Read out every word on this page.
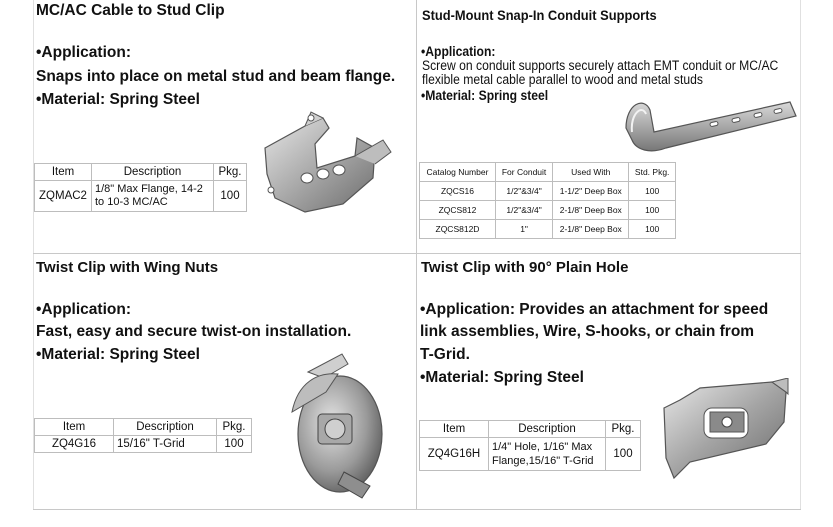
MC/AC Cable to Stud Clip
•Application:
Snaps into place on metal stud and beam flange.
•Material: Spring Steel
Item	Description	Pkg.
ZQMAC2	1/8" Max Flange, 14-2 to 10-3 MC/AC	100
Stud-Mount Snap-In Conduit Supports
•Application:
Screw on conduit supports securely attach EMT conduit or MC/AC
flexible metal cable parallel to wood and metal studs
•Material: Spring steel
Catalog Number	For Conduit	Used With	Std. Pkg.
ZQCS16	1/2"&3/4"	1-1/2" Deep Box	100
ZQCS812	1/2"&3/4"	2-1/8" Deep Box	100
ZQCS812D	1"	2-1/8" Deep Box	100
Twist Clip with Wing Nuts
•Application:
Fast, easy and secure twist-on installation.
•Material: Spring Steel
Item	Description	Pkg.
ZQ4G16	15/16" T-Grid	100
Twist Clip with 90° Plain Hole
•Application: Provides an attachment for speed
link assemblies, Wire, S-hooks, or chain from
T-Grid.
•Material: Spring Steel
Item	Description	Pkg.
ZQ4G16H	1/4" Hole, 1/16" Max Flange,15/16" T-Grid	100
